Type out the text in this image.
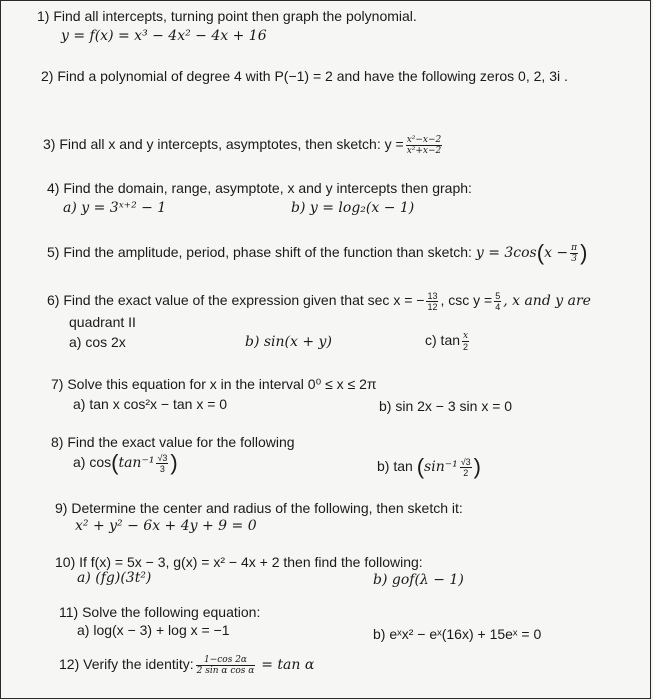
1) Find all intercepts, turning point then graph the polynomial.
y = f(x) = x³ − 4x² − 4x + 16
2) Find a polynomial of degree 4 with P(−1) = 2 and have the following zeros 0, 2, 3i .
3) Find all x and y intercepts, asymptotes, then sketch: $y = \frac{\text{x²−x−2}}{\text{x²+x−2}}$
4) Find the domain, range, asymptote, x and y intercepts then graph:
a) y = 3ˣ⁺² − 1	b) y = log₂(x − 1)
5) Find the amplitude, period, phase shift of the function than sketch: $y = 3\cos(x - \frac{\pi}{3}$ )
6) Find the exact value of the expression given that sec x = − $\frac{13}{12}$ , $\csc y = \frac{5}{4}$ , x and y are
quadrant II
a) cos 2x	b) sin(x + y)	c) $\tan \frac{x}{2}$
7) Solve this equation for x in the interval 0⁰ ≤ x ≤ 2π
a) tan x cos²x − tan x = 0	b) sin 2x − 3 sin x = 0
8) Find the exact value for the following
a) $\cos(\tan^{-1} \frac{√3}{3}$ )	b) $\tan (\sin^{-1} \frac{√3}{2}$ )
9) Determine the center and radius of the following, then sketch it:
x² + y² − 6x + 4y + 9 = 0
10) If f(x) = 5x − 3, g(x) = x² − 4x + 2 then find the following:
a) (fg)(3t²)	b) gof(λ − 1)
11) Solve the following equation:
a) log(x − 3) + log x = −1	b) eˣx² − eˣ(16x) + 15eˣ = 0
12) Verify the identity: $\frac{1-\cos 2\alpha}{\text{2 sin α cos α}} = \tan \alpha$
